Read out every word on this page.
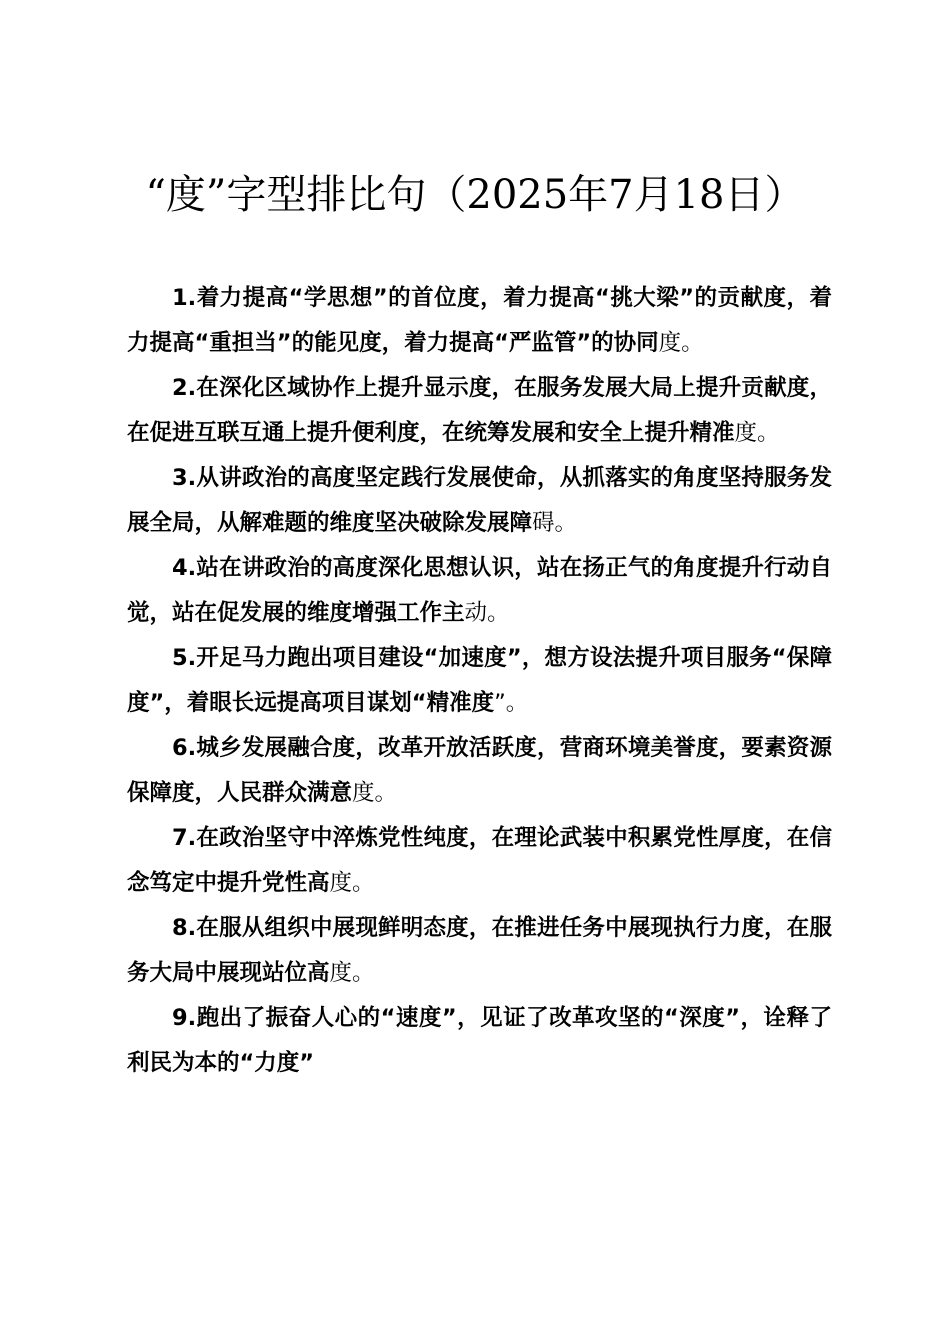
“度”字型排比句（2025年7月18日）

1.着力提高“学思想”的首位度，着力提高“挑大梁”的贡献度，着力提高“重担当”的能见度，着力提高“严监管”的协同度。

2.在深化区域协作上提升显示度，在服务发展大局上提升贡献度，在促进互联互通上提升便利度，在统筹发展和安全上提升精准度。

3.从讲政治的高度坚定践行发展使命，从抓落实的角度坚持服务发展全局，从解难题的维度坚决破除发展障碍。

4.站在讲政治的高度深化思想认识，站在扬正气的角度提升行动自觉，站在促发展的维度增强工作主动。

5.开足马力跑出项目建设“加速度”，想方设法提升项目服务“保障度”，着眼长远提高项目谋划“精准度”。

6.城乡发展融合度，改革开放活跃度，营商环境美誉度，要素资源保障度，人民群众满意度。

7.在政治坚守中淬炼党性纯度，在理论武装中积累党性厚度，在信念笃定中提升党性高度。

8.在服从组织中展现鲜明态度，在推进任务中展现执行力度，在服务大局中展现站位高度。

9.跑出了振奋人心的“速度”，见证了改革攻坚的“深度”，诠释了利民为本的“力度”
